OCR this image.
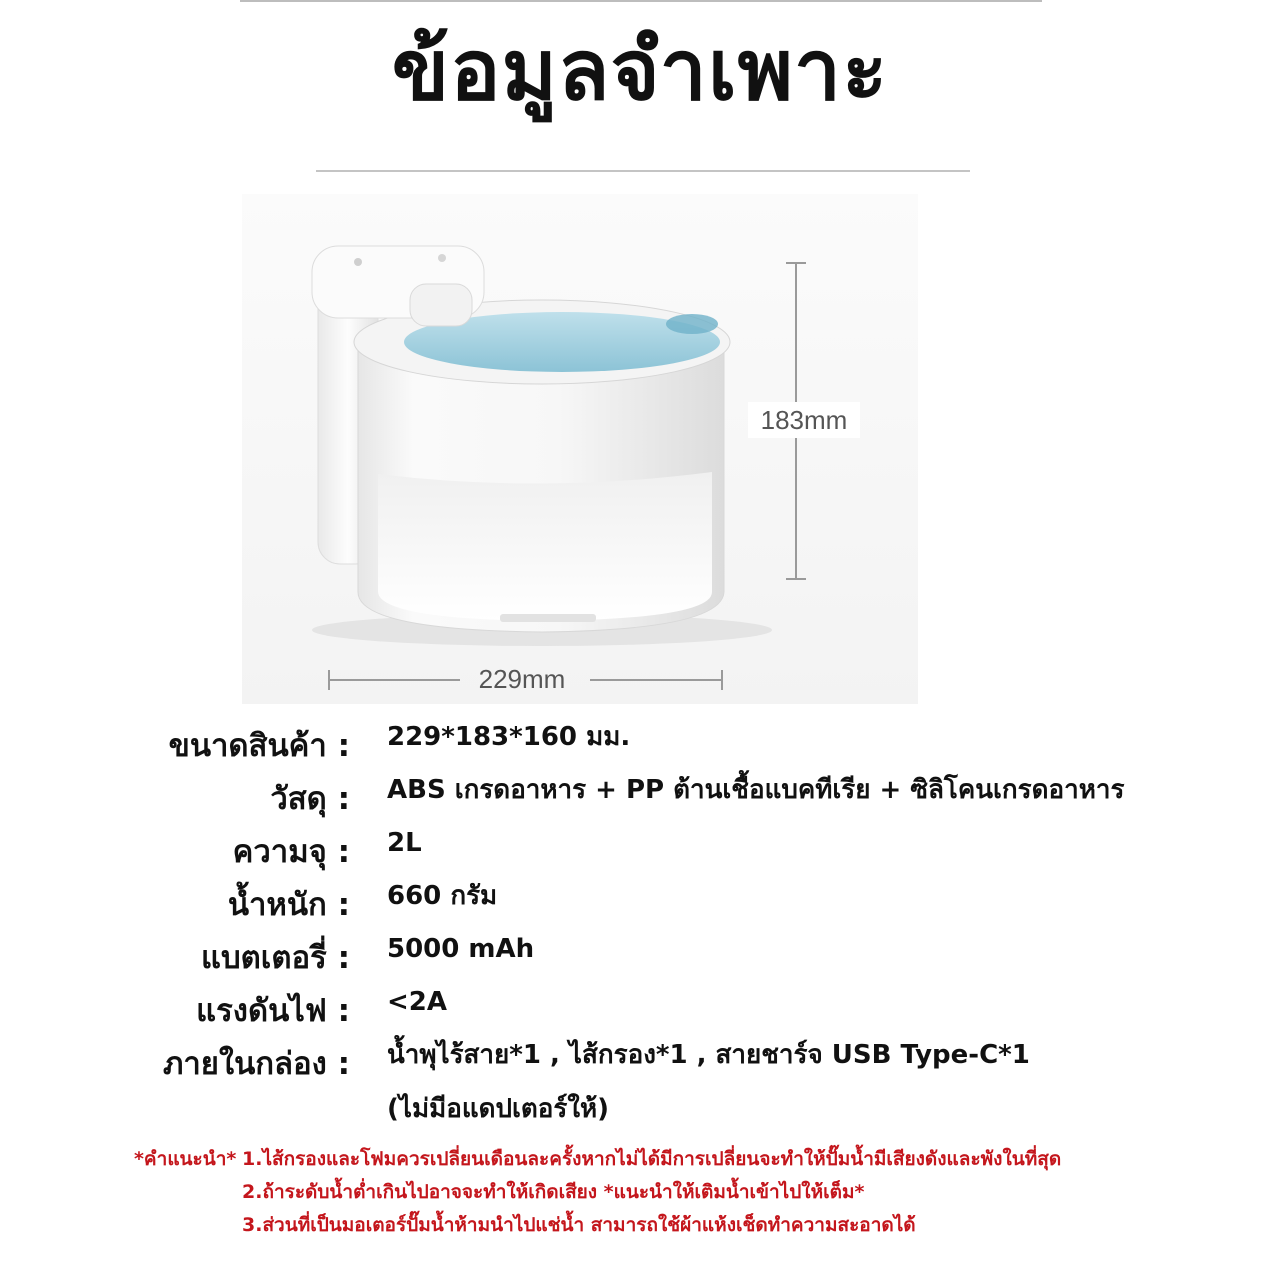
ข้อมูลจำเพาะ
183mm
229mm
ขนาดสินค้า : 229*183*160 มม.
วัสดุ : ABS เกรดอาหาร + PP ต้านเชื้อแบคทีเรีย + ซิลิโคนเกรดอาหาร
ความจุ : 2L
น้ำหนัก : 660 กรัม
แบตเตอรี่ : 5000 mAh
แรงดันไฟ : <2A
ภายในกล่อง : น้ำพุไร้สาย*1 , ไส้กรอง*1 , สายชาร์จ USB Type-C*1
(ไม่มีอแดปเตอร์ให้)
*คำแนะนำ* 1.ไส้กรองและโฟมควรเปลี่ยนเดือนละครั้งหากไม่ได้มีการเปลี่ยนจะทำให้ปั๊มน้ำมีเสียงดังและพังในที่สุด
2.ถ้าระดับน้ำต่ำเกินไปอาจจะทำให้เกิดเสียง *แนะนำให้เติมน้ำเข้าไปให้เต็ม*
3.ส่วนที่เป็นมอเตอร์ปั๊มน้ำห้ามนำไปแช่น้ำ สามารถใช้ผ้าแห้งเช็ดทำความสะอาดได้
